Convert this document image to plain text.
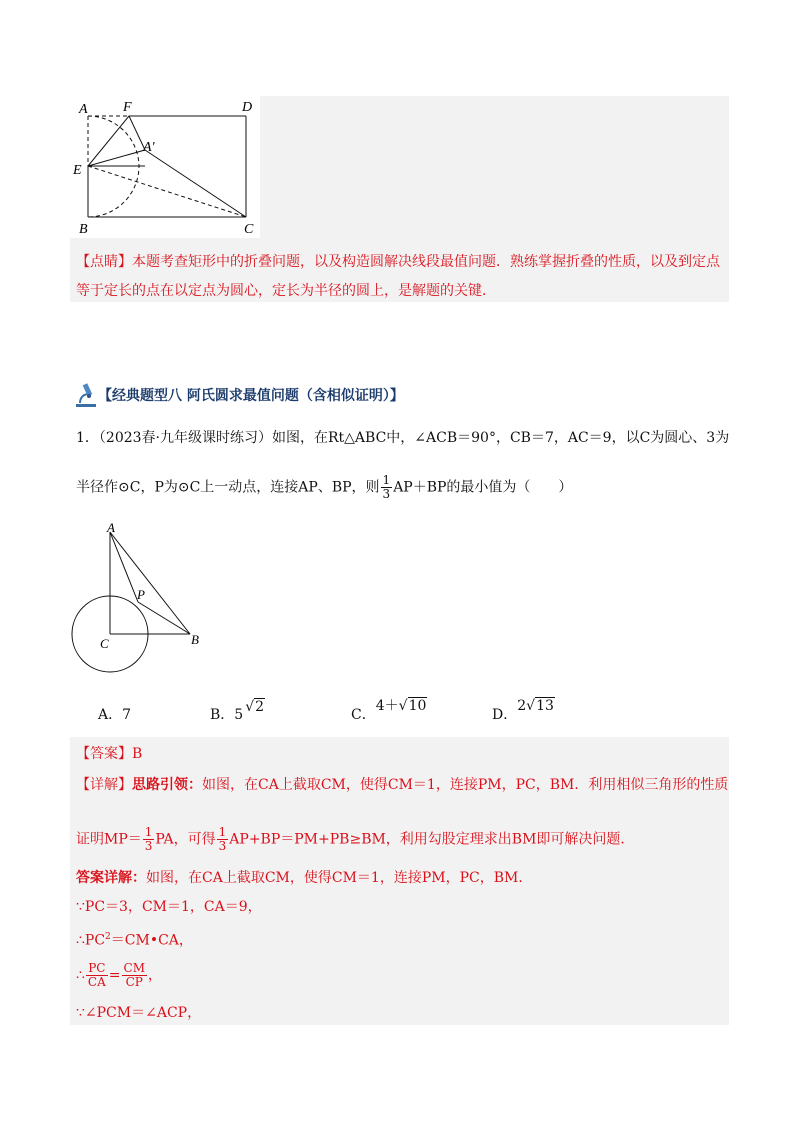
A	F	D
A'
E
B	C
【点睛】本题考查矩形中的折叠问题，以及构造圆解决线段最值问题．熟练掌握折叠的性质，以及到定点
等于定长的点在以定点为圆心，定长为半径的圆上，是解题的关键．
【经典题型八 阿氏圆求最值问题（含相似证明）】
1．（2023春·九年级课时练习）如图，在Rt△ABC中，∠ACB＝90°，CB＝7，AC＝9，以C为圆心、3为
半径作⊙C，P为⊙C上一动点，连接AP、BP，则 $\frac{1}{3} AP+BP$的最小值为（　　）
A
P
C	B
A．7	B．5 √2	C．4＋√10
D．2√13
【答案】B
【详解】思路引领：如图，在CA上截取CM，使得CM＝1，连接PM，PC，BM．利用相似三角形的性质
证明$MP= \frac{1}{3}$ PA，可得 $\frac{1}{3} AP+BP=PM+PB\ge BM$，利用勾股定理求出BM即可解决问题．
答案详解：如图，在CA上截取CM，使得CM＝1，连接PM，PC，BM．
∵PC＝3，CM＝1，CA＝9，
$\therefore PC^2=CM•CA$，
∴ $\frac{PC}{CA} = \frac{CM}{CP}$ ，
∵∠PCM＝∠ACP，
